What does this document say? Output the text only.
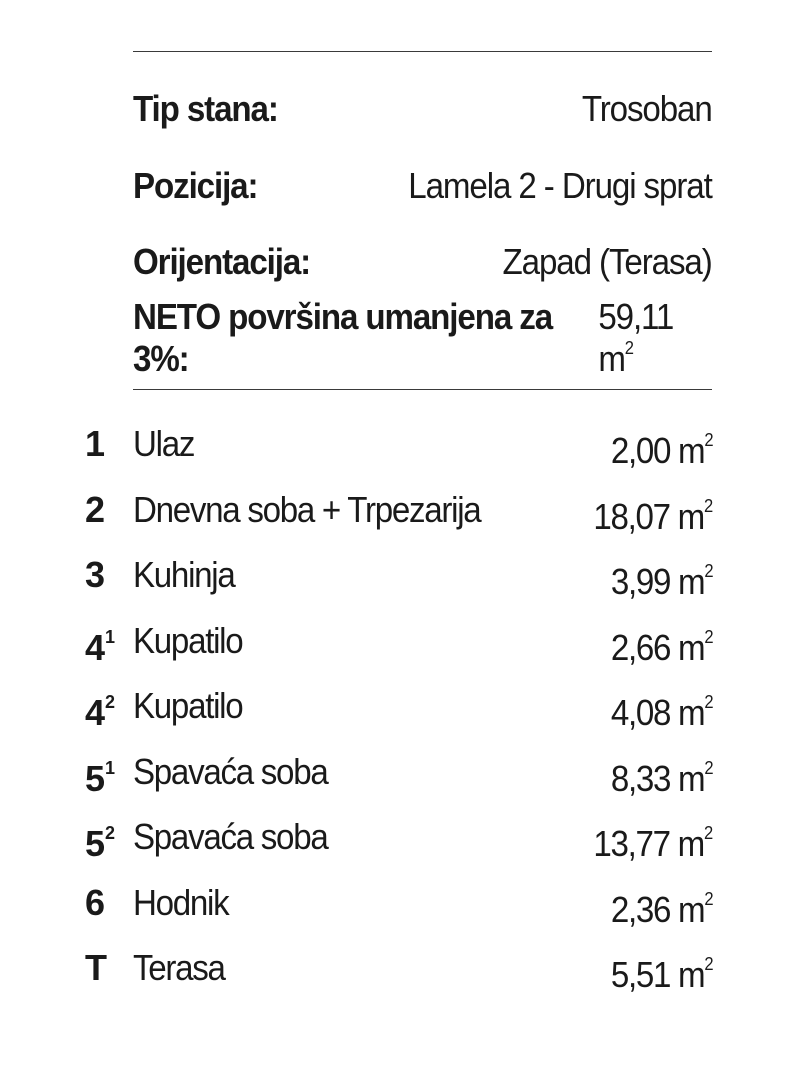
Tip stana:	Trosoban
Pozicija:	Lamela 2 - Drugi sprat
Orijentacija:	Zapad (Terasa)
NETO površina umanjena za 3%:
59,11 $m^2$
1 Ulaz	2,00 $m^2$
2 Dnevna soba + Trpezarija	18,07 $m^2$
3 Kuhinja	3,99 $m^2$
$4^1$ Kupatilo	2,66 $m^2$
$4^2$ Kupatilo	4,08 $m^2$
$5^1$ Spavaća soba	8,33 $m^2$
$5^2$ Spavaća soba	13,77 $m^2$
6 Hodnik	2,36 $m^2$
T Terasa	5,51 $m^2$
